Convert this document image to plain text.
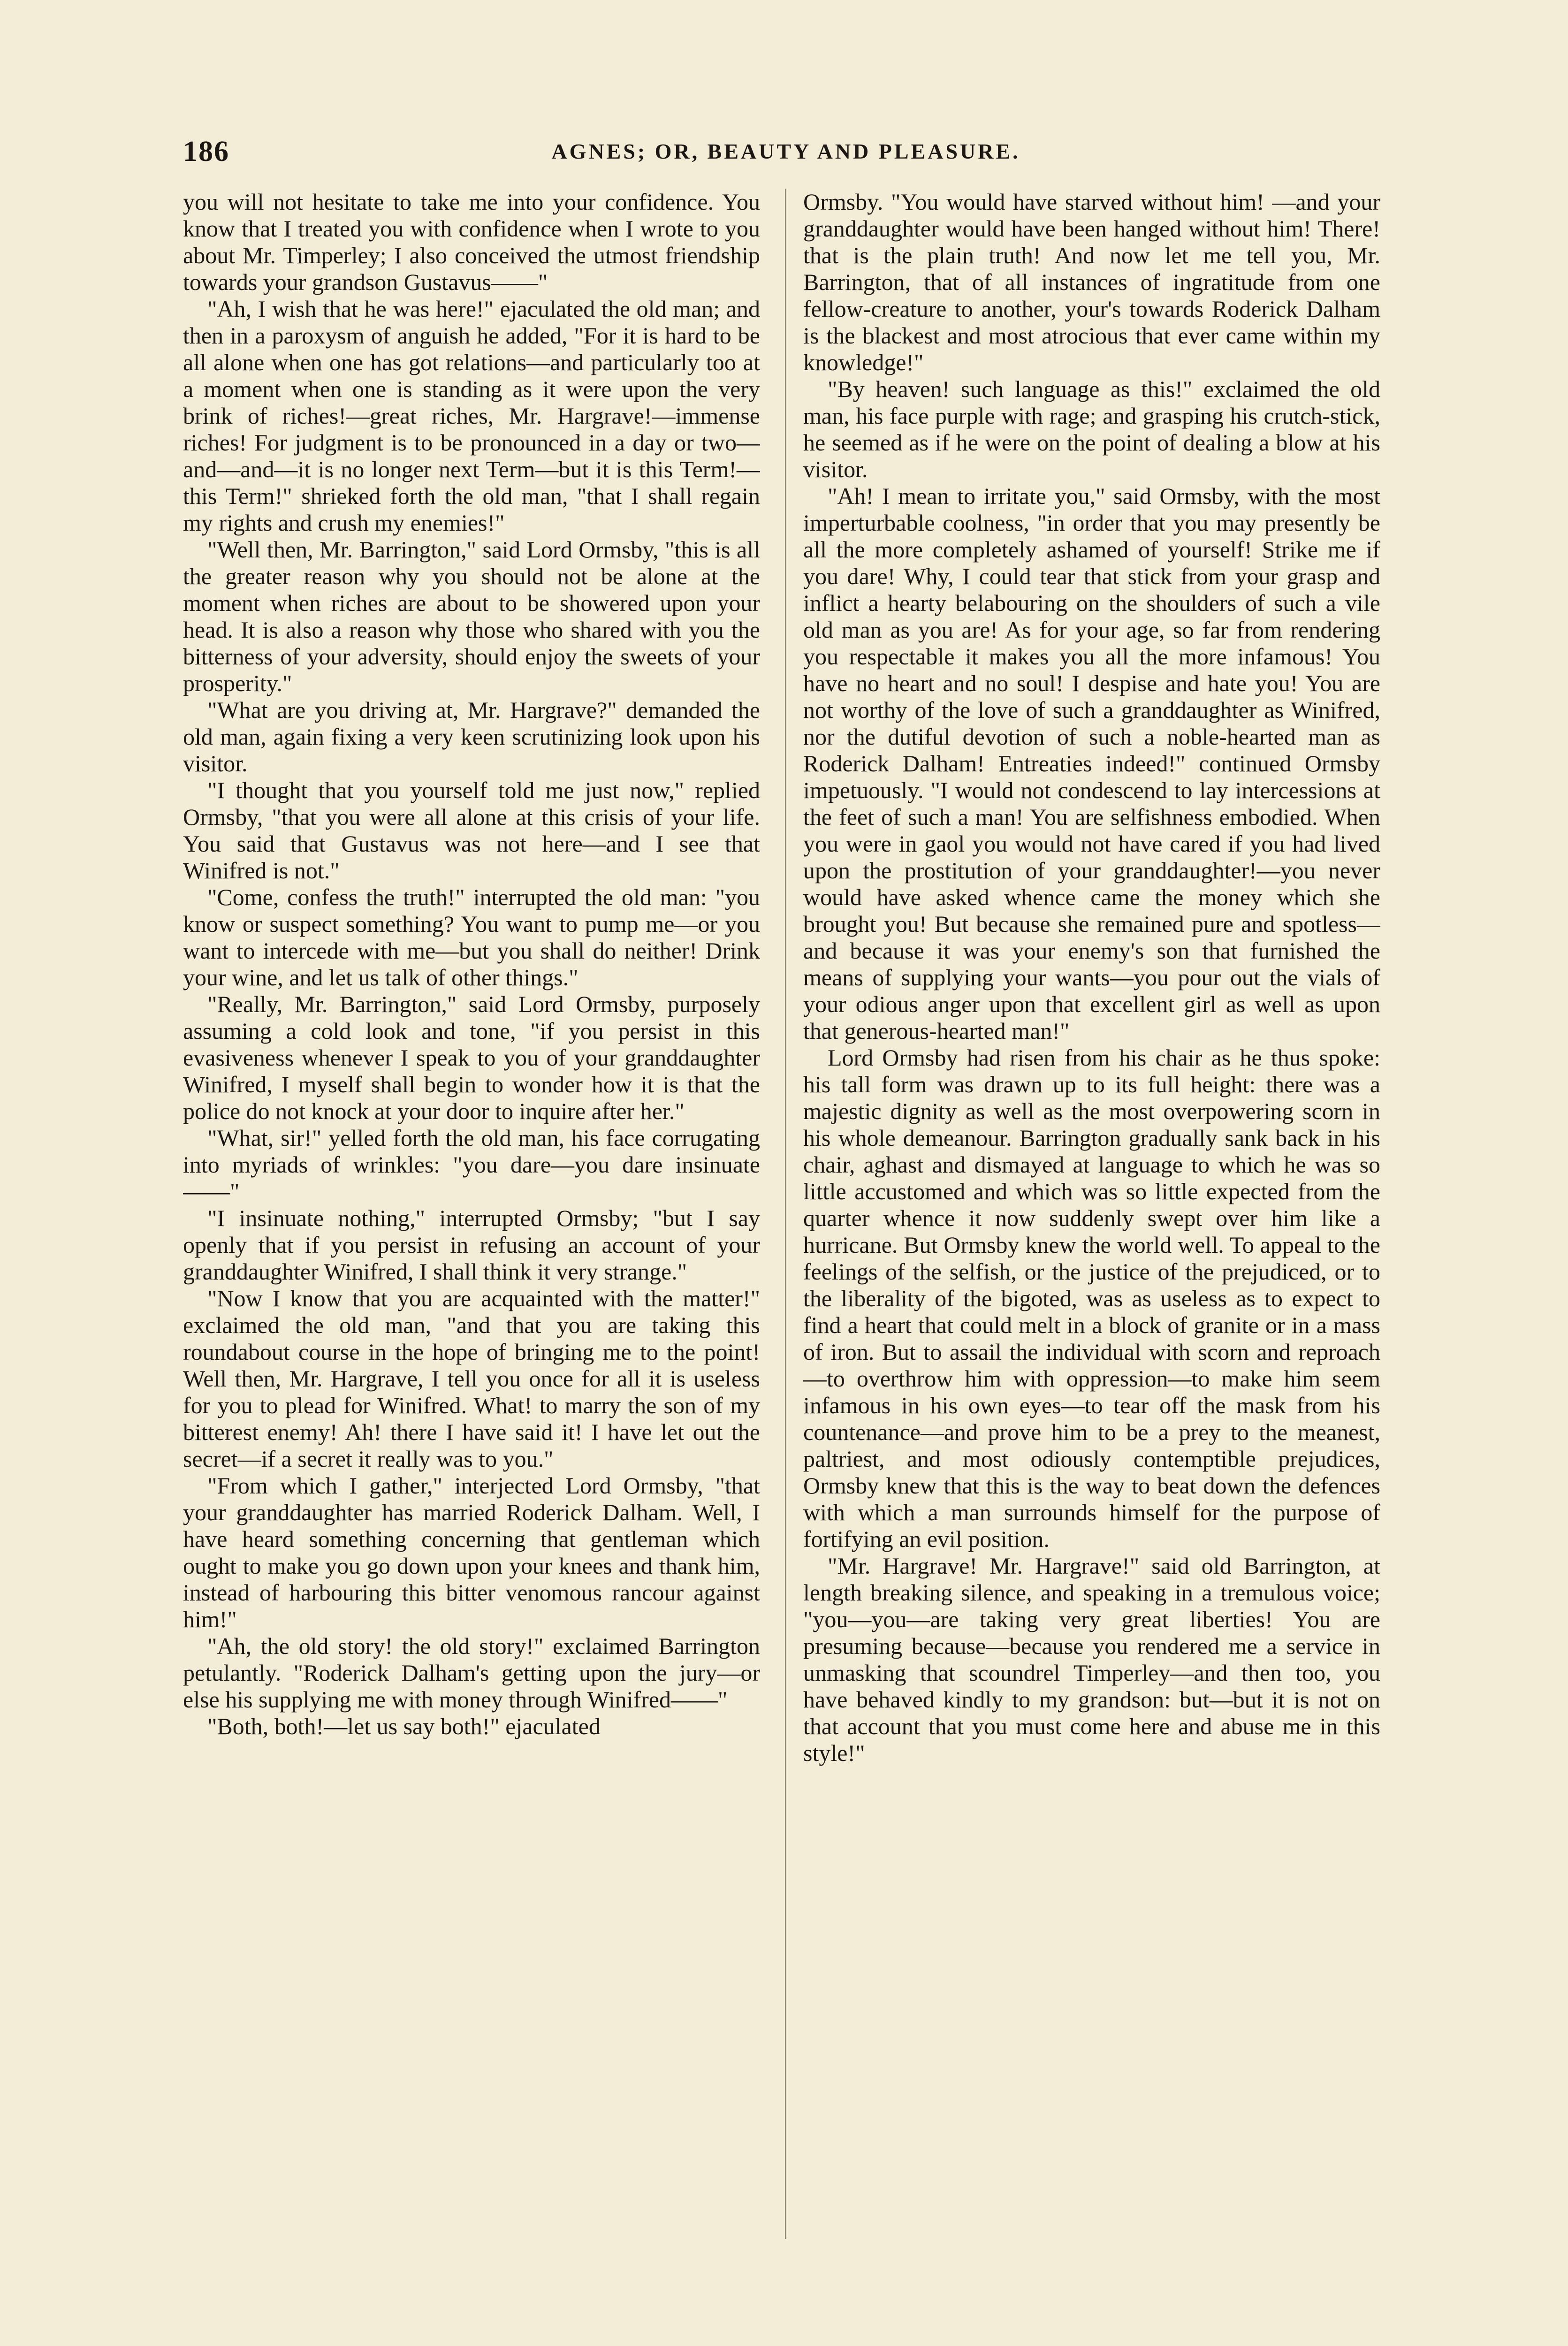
186	AGNES; OR, BEAUTY AND PLEASURE.

you will not hesitate to take me into your confidence. You know that I treated you with confidence when I wrote to you about Mr. Timperley; I also conceived the utmost friendship towards your grandson Gustavus——"

"Ah, I wish that he was here!" ejaculated the old man; and then in a paroxysm of anguish he added, "For it is hard to be all alone when one has got relations—and particularly too at a moment when one is standing as it were upon the very brink of riches!—great riches, Mr. Hargrave!—immense riches! For judgment is to be pronounced in a day or two—and—and—it is no longer next Term—but it is this Term!—this Term!" shrieked forth the old man, "that I shall regain my rights and crush my enemies!"

"Well then, Mr. Barrington," said Lord Ormsby, "this is all the greater reason why you should not be alone at the moment when riches are about to be showered upon your head. It is also a reason why those who shared with you the bitterness of your adversity, should enjoy the sweets of your prosperity."

"What are you driving at, Mr. Hargrave?" demanded the old man, again fixing a very keen scrutinizing look upon his visitor.

"I thought that you yourself told me just now," replied Ormsby, "that you were all alone at this crisis of your life. You said that Gustavus was not here—and I see that Winifred is not."

"Come, confess the truth!" interrupted the old man: "you know or suspect something? You want to pump me—or you want to intercede with me—but you shall do neither! Drink your wine, and let us talk of other things."

"Really, Mr. Barrington," said Lord Ormsby, purposely assuming a cold look and tone, "if you persist in this evasiveness whenever I speak to you of your granddaughter Winifred, I myself shall begin to wonder how it is that the police do not knock at your door to inquire after her."

"What, sir!" yelled forth the old man, his face corrugating into myriads of wrinkles: "you dare—you dare insinuate——"

"I insinuate nothing," interrupted Ormsby; "but I say openly that if you persist in refusing an account of your granddaughter Winifred, I shall think it very strange."

"Now I know that you are acquainted with the matter!" exclaimed the old man, "and that you are taking this roundabout course in the hope of bringing me to the point! Well then, Mr. Hargrave, I tell you once for all it is useless for you to plead for Winifred. What! to marry the son of my bitterest enemy! Ah! there I have said it! I have let out the secret—if a secret it really was to you."

"From which I gather," interjected Lord Ormsby, "that your granddaughter has married Roderick Dalham. Well, I have heard something concerning that gentleman which ought to make you go down upon your knees and thank him, instead of harbouring this bitter venomous rancour against him!"

"Ah, the old story! the old story!" exclaimed Barrington petulantly. "Roderick Dalham's getting upon the jury—or else his supplying me with money through Winifred——"

"Both, both!—let us say both!" ejaculated

Ormsby. "You would have starved without him! —and your granddaughter would have been hanged without him! There! that is the plain truth! And now let me tell you, Mr. Barrington, that of all instances of ingratitude from one fellow-creature to another, your's towards Roderick Dalham is the blackest and most atrocious that ever came within my knowledge!"

"By heaven! such language as this!" exclaimed the old man, his face purple with rage; and grasping his crutch-stick, he seemed as if he were on the point of dealing a blow at his visitor.

"Ah! I mean to irritate you," said Ormsby, with the most imperturbable coolness, "in order that you may presently be all the more completely ashamed of yourself! Strike me if you dare! Why, I could tear that stick from your grasp and inflict a hearty belabouring on the shoulders of such a vile old man as you are! As for your age, so far from rendering you respectable it makes you all the more infamous! You have no heart and no soul! I despise and hate you! You are not worthy of the love of such a granddaughter as Winifred, nor the dutiful devotion of such a noble-hearted man as Roderick Dalham! Entreaties indeed!" continued Ormsby impetuously. "I would not condescend to lay intercessions at the feet of such a man! You are selfishness embodied. When you were in gaol you would not have cared if you had lived upon the prostitution of your granddaughter!—you never would have asked whence came the money which she brought you! But because she remained pure and spotless—and because it was your enemy's son that furnished the means of supplying your wants—you pour out the vials of your odious anger upon that excellent girl as well as upon that generous-hearted man!"

Lord Ormsby had risen from his chair as he thus spoke: his tall form was drawn up to its full height: there was a majestic dignity as well as the most overpowering scorn in his whole demeanour. Barrington gradually sank back in his chair, aghast and dismayed at language to which he was so little accustomed and which was so little expected from the quarter whence it now suddenly swept over him like a hurricane. But Ormsby knew the world well. To appeal to the feelings of the selfish, or the justice of the prejudiced, or to the liberality of the bigoted, was as useless as to expect to find a heart that could melt in a block of granite or in a mass of iron. But to assail the individual with scorn and reproach—to overthrow him with oppression—to make him seem infamous in his own eyes—to tear off the mask from his countenance—and prove him to be a prey to the meanest, paltriest, and most odiously contemptible prejudices, Ormsby knew that this is the way to beat down the defences with which a man surrounds himself for the purpose of fortifying an evil position.

"Mr. Hargrave! Mr. Hargrave!" said old Barrington, at length breaking silence, and speaking in a tremulous voice; "you—you—are taking very great liberties! You are presuming because—because you rendered me a service in unmasking that scoundrel Timperley—and then too, you have behaved kindly to my grandson: but—but it is not on that account that you must come here and abuse me in this style!"
